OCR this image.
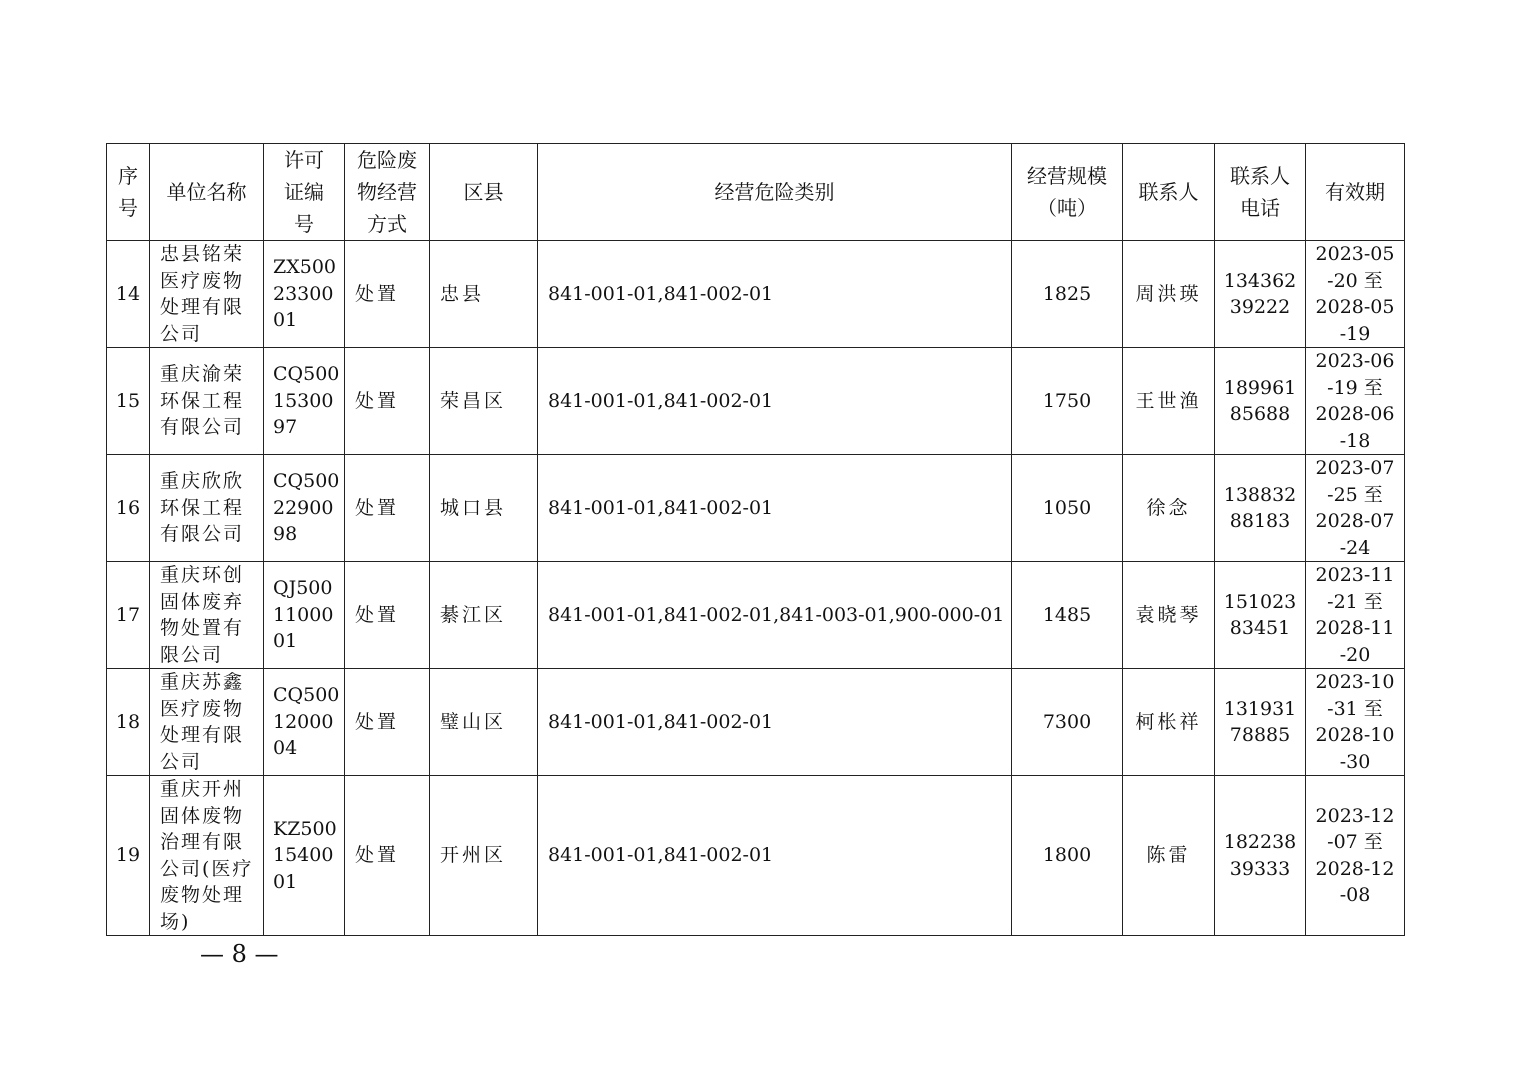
序号	单位名称	许可证编号	危险废物经营方式	区县	经营危险类别	经营规模（吨）	联系人	联系人电话	有效期
14	忠县铭荣医疗废物处理有限公司	ZX500
23300
01	处置	忠县	841-001-01,841-002-01	1825	周洪瑛	134362
39222	2023-05
-20 至
2028-05
-19
15	重庆渝荣环保工程有限公司	CQ500
15300
97	处置	荣昌区	841-001-01,841-002-01	1750	王世渔	189961
85688	2023-06
-19 至
2028-06
-18
16	重庆欣欣环保工程有限公司	CQ500
22900
98	处置	城口县	841-001-01,841-002-01	1050	徐念	138832
88183	2023-07
-25 至
2028-07
-24
17	重庆环创固体废弃物处置有限公司	QJ500
11000
01	处置	綦江区	841-001-01,841-002-01,841-003-01,900-000-01	1485	袁晓琴	151023
83451	2023-11
-21 至
2028-11
-20
18	重庆苏鑫医疗废物处理有限公司	CQ500
12000
04	处置	璧山区	841-001-01,841-002-01	7300	柯枨祥	131931
78885	2023-10
-31 至
2028-10
-30
19	重庆开州固体废物治理有限公司(医疗废物处理场)	KZ500
15400
01	处置	开州区	841-001-01,841-002-01	1800	陈雷	182238
39333	2023-12
-07 至
2028-12
-08
— 8 —
